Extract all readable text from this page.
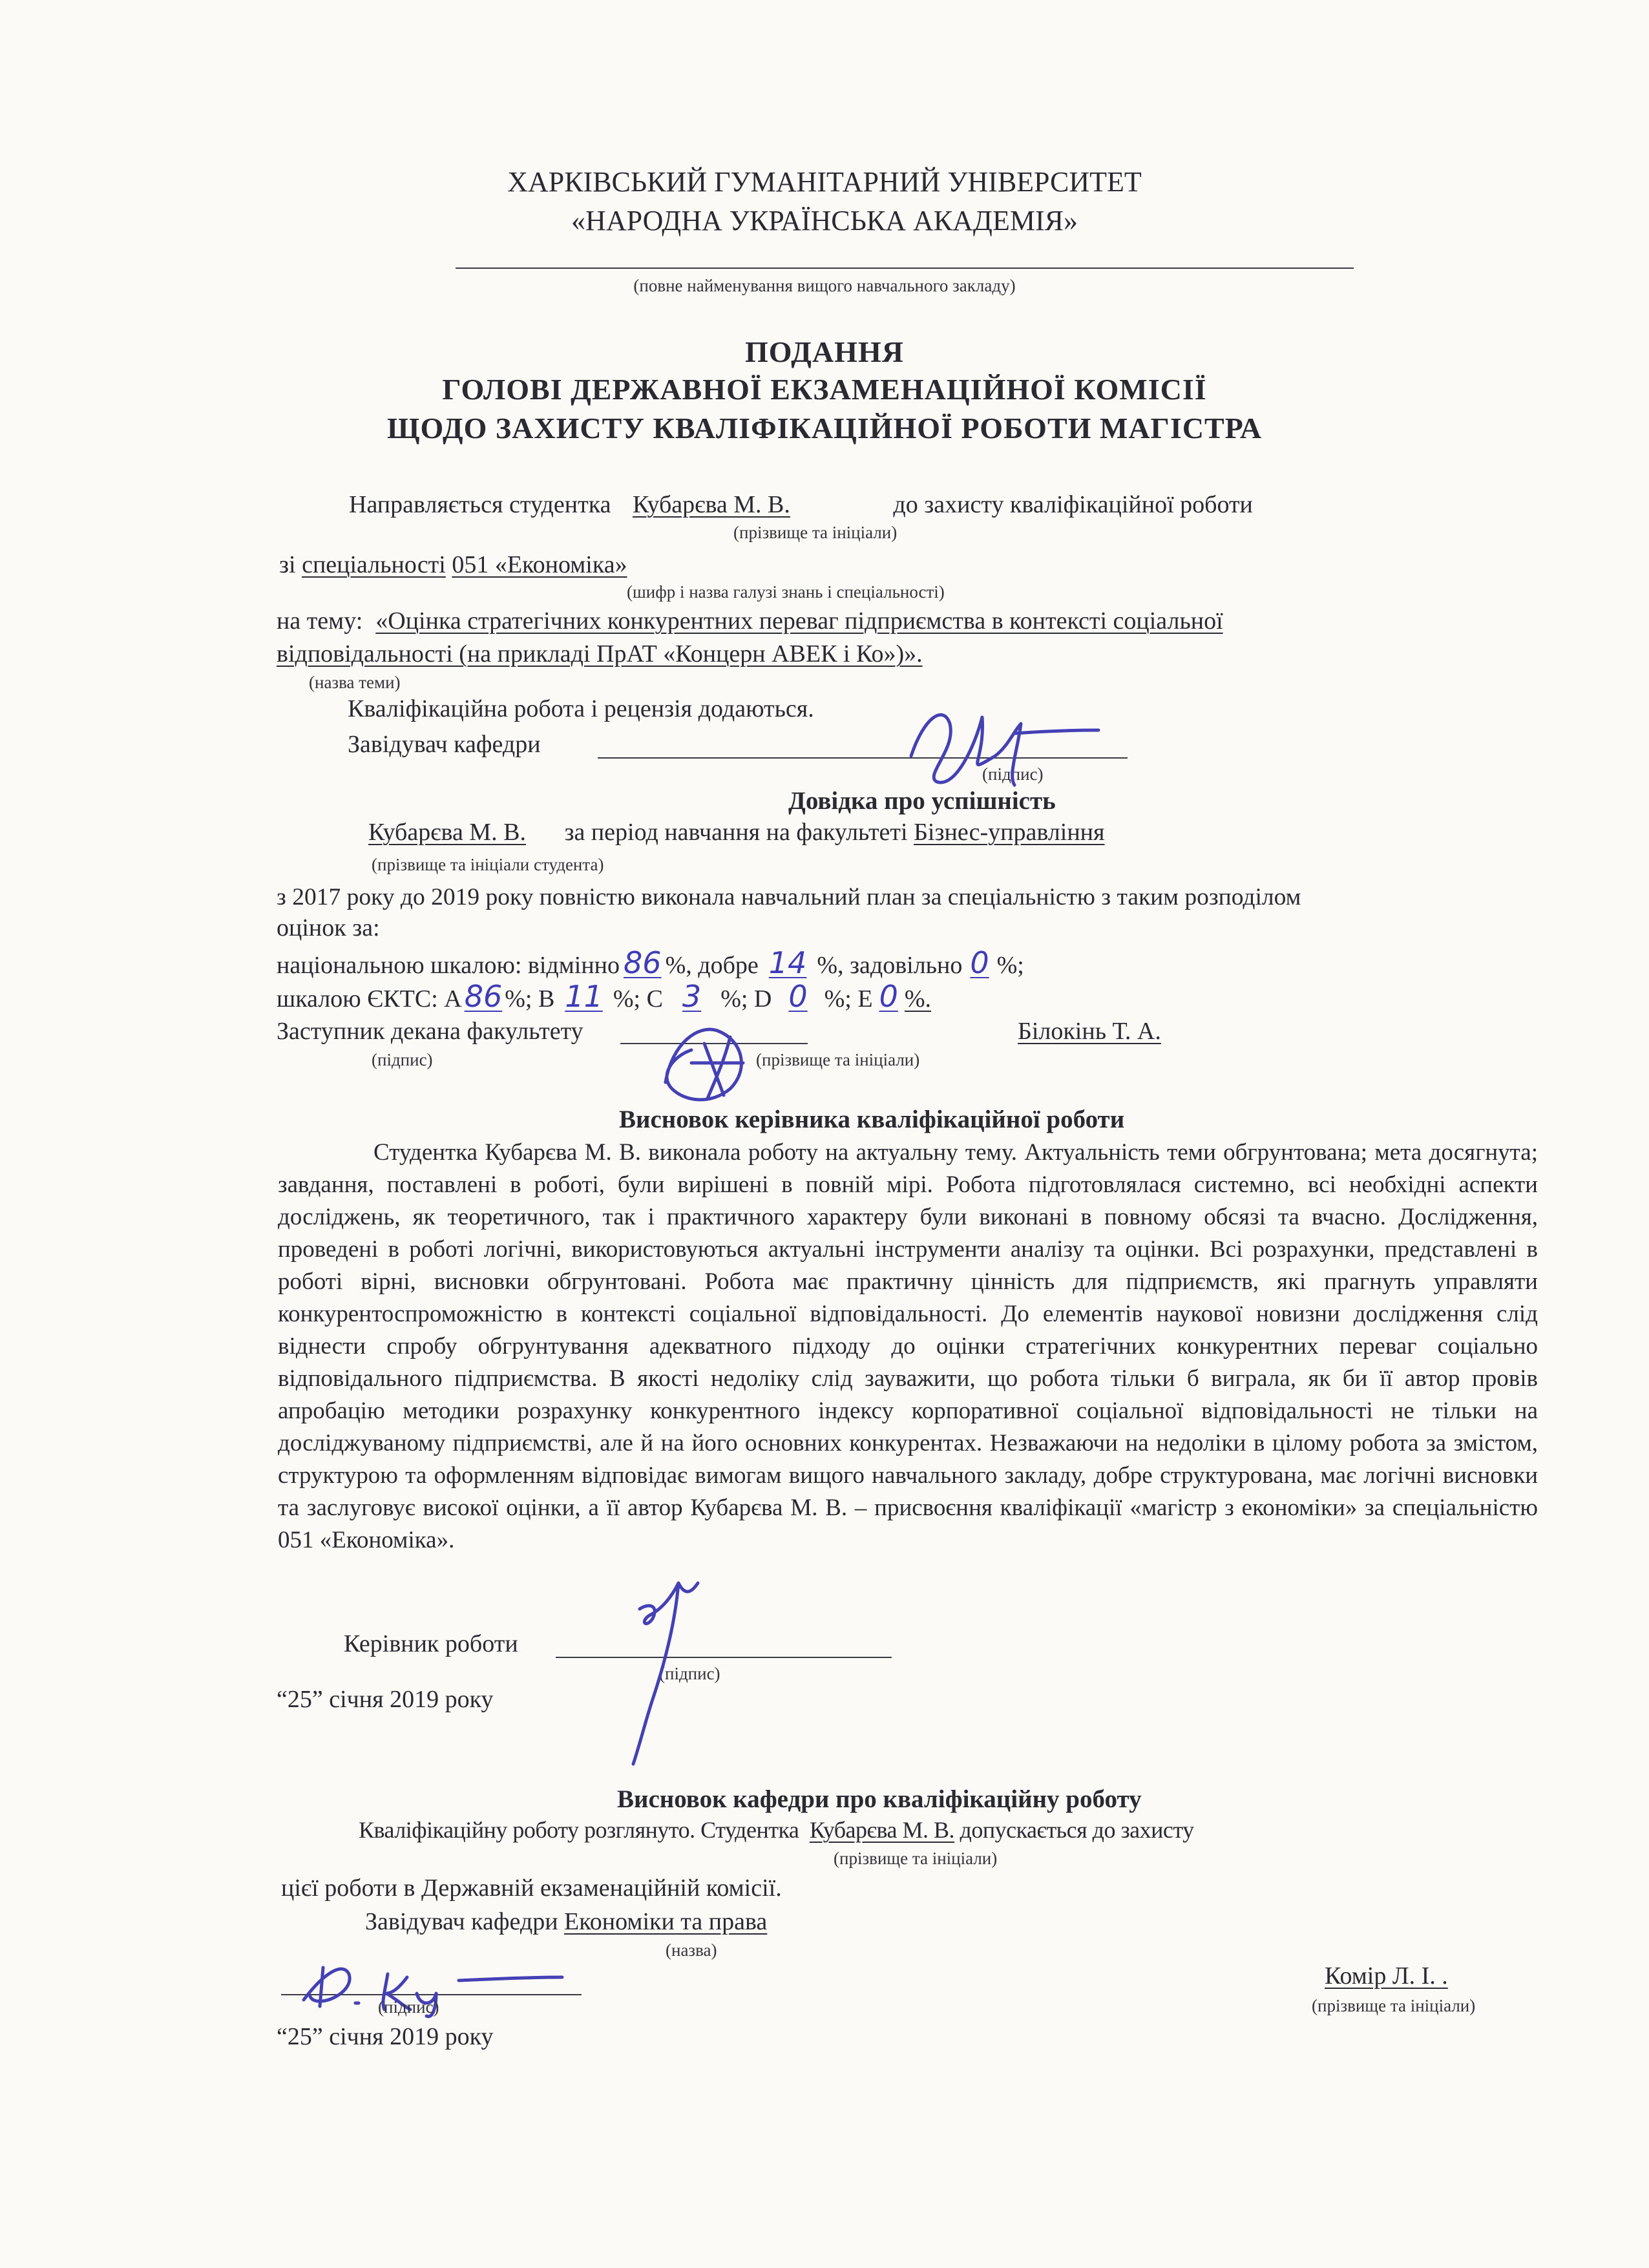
ХАРКІВСЬКИЙ ГУМАНІТАРНИЙ УНІВЕРСИТЕТ
«НАРОДНА УКРАЇНСЬКА АКАДЕМІЯ»
(повне найменування вищого навчального закладу)
ПОДАННЯ
ГОЛОВІ ДЕРЖАВНОЇ ЕКЗАМЕНАЦІЙНОЇ КОМІСІЇ
ЩОДО ЗАХИСТУ КВАЛІФІКАЦІЙНОЇ РОБОТИ МАГІСТРА
Направляється студентка Кубарєва М. В.	до захисту кваліфікаційної роботи
(прізвище та ініціали)
зі спеціальності 051 «Економіка»
(шифр і назва галузі знань і спеціальності)
на тему: «Оцінка стратегічних конкурентних переваг підприємства в контексті соціальної
відповідальності (на прикладі ПрАТ «Концерн АВЕК і Ко»)».
(назва теми)
Кваліфікаційна робота і рецензія додаються.
Завідувач кафедри
(підпис)
Довідка про успішність
Кубарєва М. В. за період навчання на факультеті Бізнес-управління
(прізвище та ініціали студента)
з 2017 року до 2019 року повністю виконала навчальний план за спеціальністю з таким розподілом
оцінок за:
національною шкалою: відмінно 86 %, добре 14 %, задовільно 0 %;
шкалою ЄКТС: А86 %; В 11 %; С 3 %; D 0 %; Е 0 %.
Заступник декана факультету	Білокінь Т. А.
(підпис)	(прізвище та ініціали)
Висновок керівника кваліфікаційної роботи
Студентка Кубарєва М. В. виконала роботу на актуальну тему. Актуальність теми обгрунтована; мета досягнута; завдання, поставлені в роботі, були вирішені в повній мірі. Робота підготовлялася системно, всі необхідні аспекти досліджень, як теоретичного, так і практичного характеру були виконані в повному обсязі та вчасно. Дослідження, проведені в роботі логічні, використовуються актуальні інструменти аналізу та оцінки. Всі розрахунки, представлені в роботі вірні, висновки обгрунтовані. Робота має практичну цінність для підприємств, які прагнуть управляти конкурентоспроможністю в контексті соціальної відповідальності. До елементів наукової новизни дослідження слід віднести спробу обгрунтування адекватного підходу до оцінки стратегічних конкурентних переваг соціально відповідального підприємства. В якості недоліку слід зауважити, що робота тільки б виграла, як би її автор провів апробацію методики розрахунку конкурентного індексу корпоративної соціальної відповідальності не тільки на досліджуваному підприємстві, але й на його основних конкурентах. Незважаючи на недоліки в цілому робота за змістом, структурою та оформленням відповідає вимогам вищого навчального закладу, добре структурована, має логічні висновки та заслуговує високої оцінки, а її автор Кубарєва М. В. – присвоєння кваліфікації «магістр з економіки» за спеціальністю 051 «Економіка».
Керівник роботи
(підпис)
“25” січня 2019 року
Висновок кафедри про кваліфікаційну роботу
Кваліфікаційну роботу розглянуто. Студентка Кубарєва М. В. допускається до захисту
(прізвище та ініціали)
цієї роботи в Державній екзаменаційній комісії.
Завідувач кафедри Економіки та права
(назва)
Комір Л. І. .
(прізвище та ініціали)
(підпис)
“25” січня 2019 року
